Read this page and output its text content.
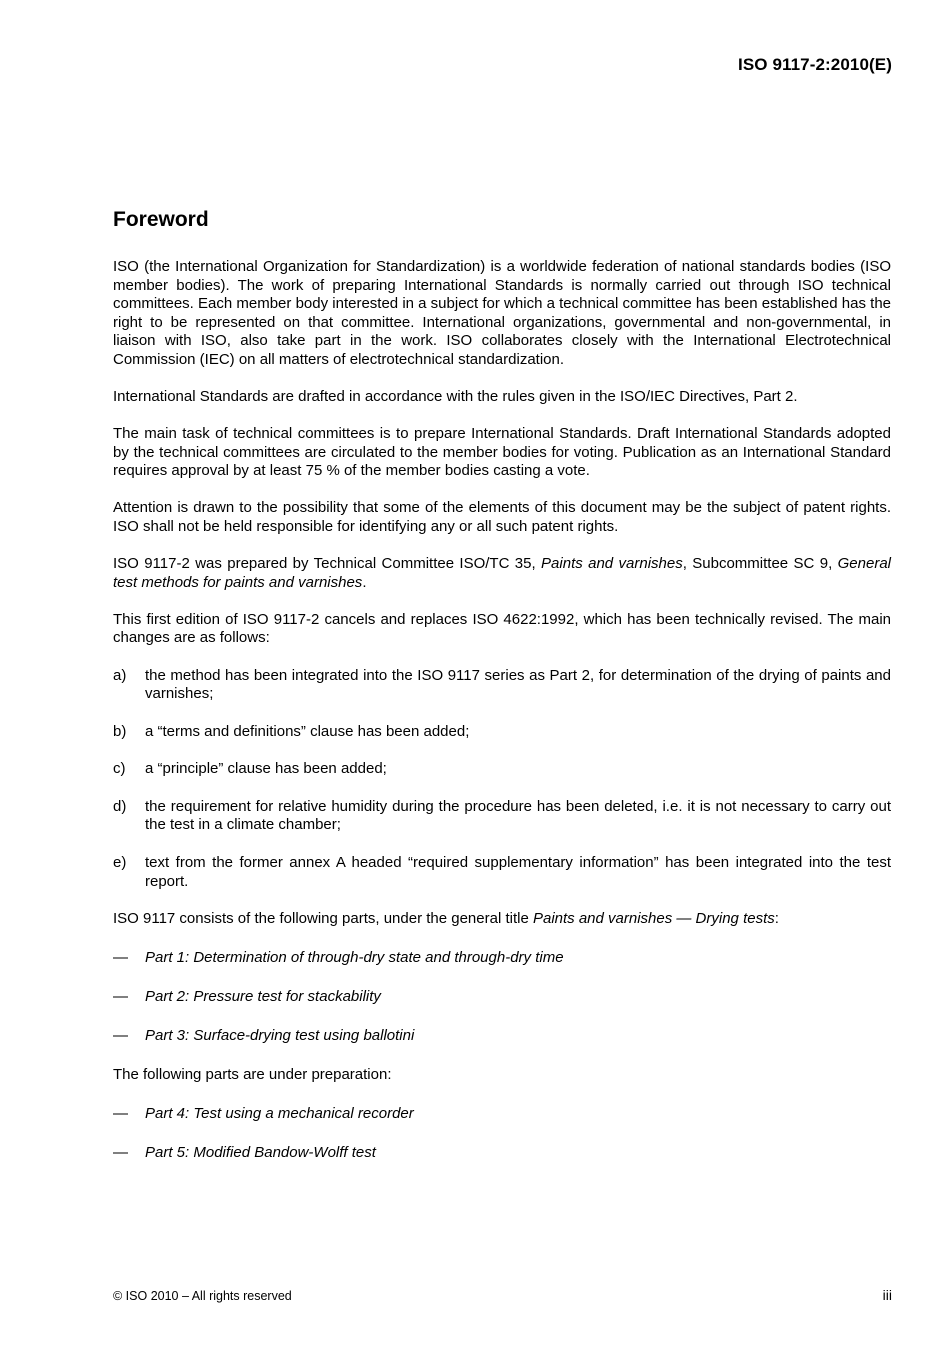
ISO 9117-2:2010(E)
Foreword

ISO (the International Organization for Standardization) is a worldwide federation of national standards bodies (ISO member bodies). The work of preparing International Standards is normally carried out through ISO technical committees. Each member body interested in a subject for which a technical committee has been established has the right to be represented on that committee. International organizations, governmental and non-governmental, in liaison with ISO, also take part in the work. ISO collaborates closely with the International Electrotechnical Commission (IEC) on all matters of electrotechnical standardization.

International Standards are drafted in accordance with the rules given in the ISO/IEC Directives, Part 2.

The main task of technical committees is to prepare International Standards. Draft International Standards adopted by the technical committees are circulated to the member bodies for voting. Publication as an International Standard requires approval by at least 75 % of the member bodies casting a vote.

Attention is drawn to the possibility that some of the elements of this document may be the subject of patent rights. ISO shall not be held responsible for identifying any or all such patent rights.

ISO 9117-2 was prepared by Technical Committee ISO/TC 35, Paints and varnishes, Subcommittee SC 9, General test methods for paints and varnishes.

This first edition of ISO 9117-2 cancels and replaces ISO 4622:1992, which has been technically revised. The main changes are as follows:

a) the method has been integrated into the ISO 9117 series as Part 2, for determination of the drying of paints and varnishes;
b) a “terms and definitions” clause has been added;
c) a “principle” clause has been added;
d) the requirement for relative humidity during the procedure has been deleted, i.e. it is not necessary to carry out the test in a climate chamber;
e) text from the former annex A headed “required supplementary information” has been integrated into the test report.

ISO 9117 consists of the following parts, under the general title Paints and varnishes — Drying tests:

— Part 1: Determination of through-dry state and through-dry time
— Part 2: Pressure test for stackability
— Part 3: Surface-drying test using ballotini

The following parts are under preparation:

— Part 4: Test using a mechanical recorder
— Part 5: Modified Bandow-Wolff test
© ISO 2010 – All rights reserved	iii
